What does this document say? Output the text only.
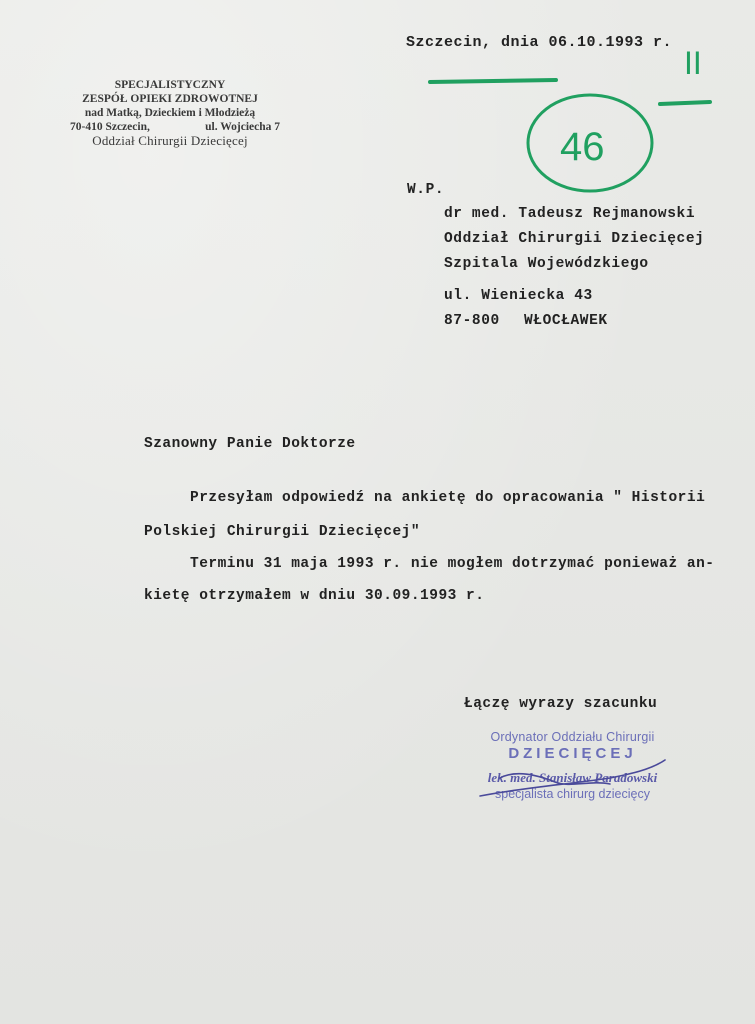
SPECJALISTYCZNY
ZESPÓŁ OPIEKI ZDROWOTNEJ
nad Matką, Dzieckiem i Młodzieżą
70-410 Szczecin,	ul. Wojciecha 7
Oddział Chirurgii Dziecięcej
Szczecin, dnia 06.10.1993 r.
II
46
W.P.
dr med. Tadeusz Rejmanowski
Oddział Chirurgii Dziecięcej
Szpitala Wojewódzkiego
ul. Wieniecka 43
87-800 WŁOCŁAWEK
Szanowny Panie Doktorze
Przesyłam odpowiedź na ankietę do opracowania " Historii
Polskiej Chirurgii Dziecięcej"
Terminu 31 maja 1993 r. nie mogłem dotrzymać ponieważ an-
kietę otrzymałem w dniu 30.09.1993 r.
Łączę wyrazy szacunku
Ordynator Oddziału Chirurgii
DZIECIĘCEJ
lek. med. Stanisław Paradowski
specjalista chirurg dziecięcy
